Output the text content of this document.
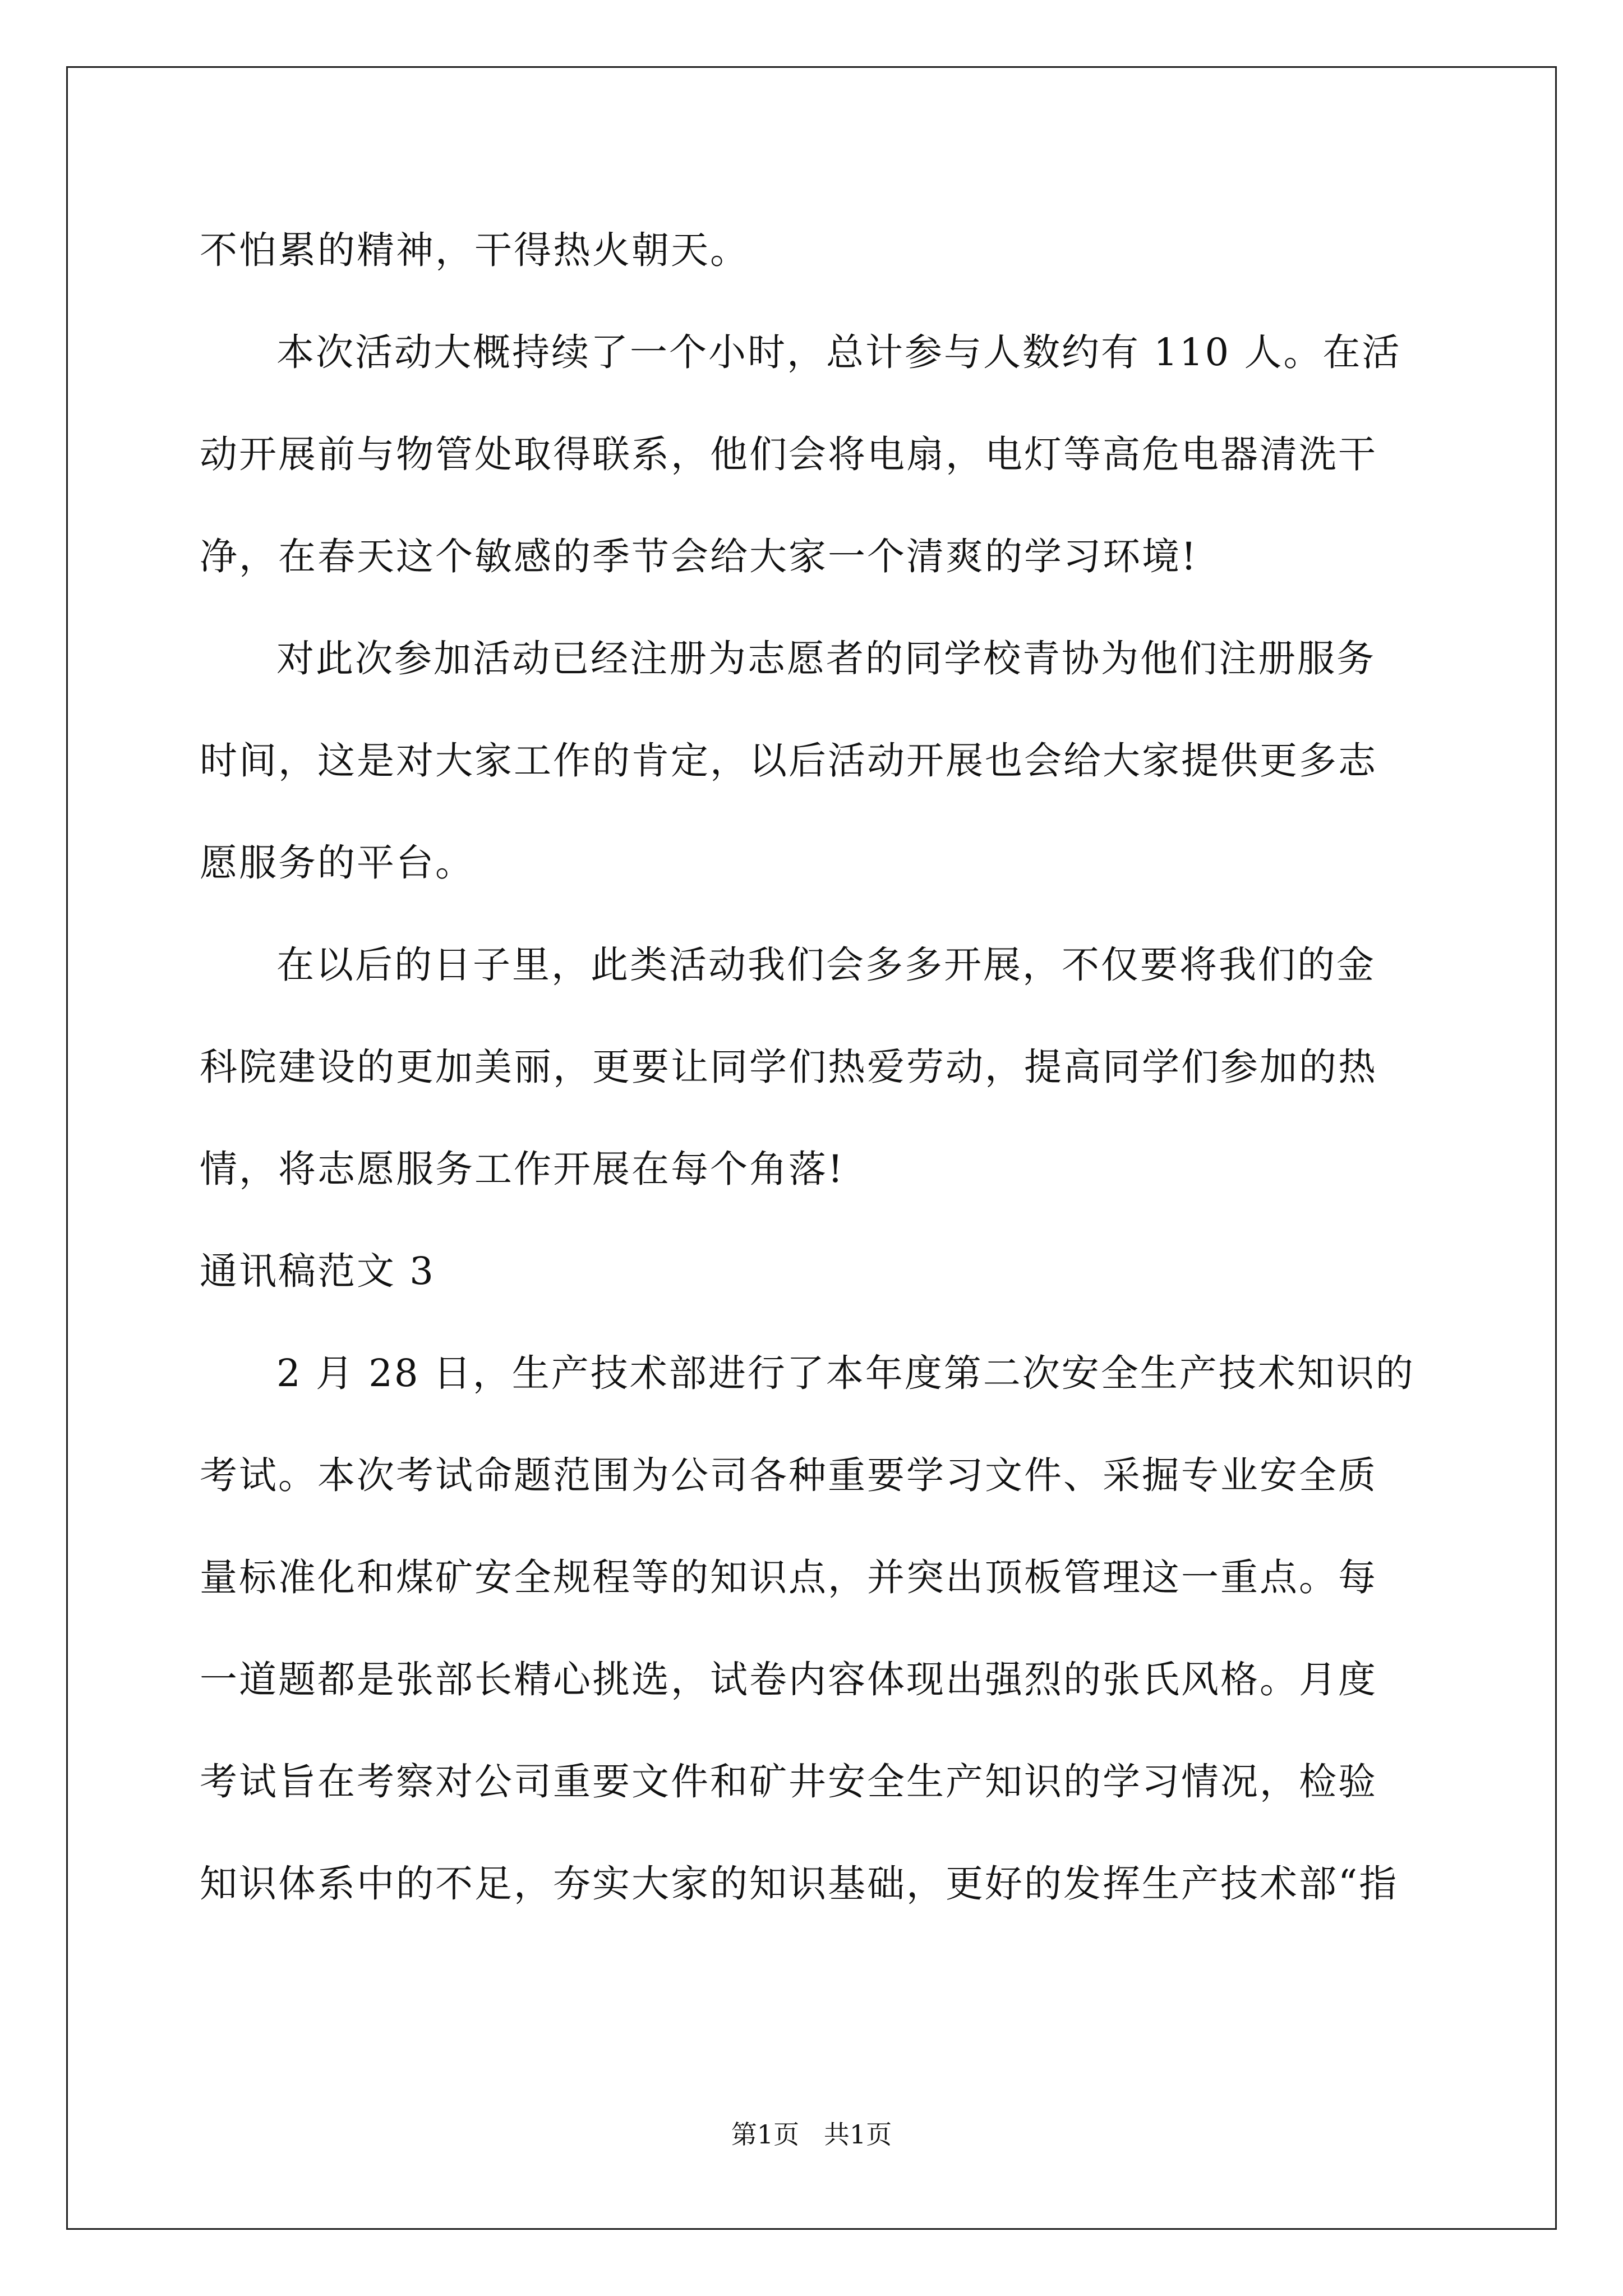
不怕累的精神，干得热火朝天。
本次活动大概持续了一个小时，总计参与人数约有 110 人。在活
动开展前与物管处取得联系，他们会将电扇，电灯等高危电器清洗干
净，在春天这个敏感的季节会给大家一个清爽的学习环境!
对此次参加活动已经注册为志愿者的同学校青协为他们注册服务
时间，这是对大家工作的肯定，以后活动开展也会给大家提供更多志
愿服务的平台。
在以后的日子里，此类活动我们会多多开展，不仅要将我们的金
科院建设的更加美丽，更要让同学们热爱劳动，提高同学们参加的热
情，将志愿服务工作开展在每个角落!
通讯稿范文 3
2 月 28 日，生产技术部进行了本年度第二次安全生产技术知识的
考试。本次考试命题范围为公司各种重要学习文件、采掘专业安全质
量标准化和煤矿安全规程等的知识点，并突出顶板管理这一重点。每
一道题都是张部长精心挑选，试卷内容体现出强烈的张氏风格。月度
考试旨在考察对公司重要文件和矿井安全生产知识的学习情况，检验
知识体系中的不足，夯实大家的知识基础，更好的发挥生产技术部“指
第1页   共1页
